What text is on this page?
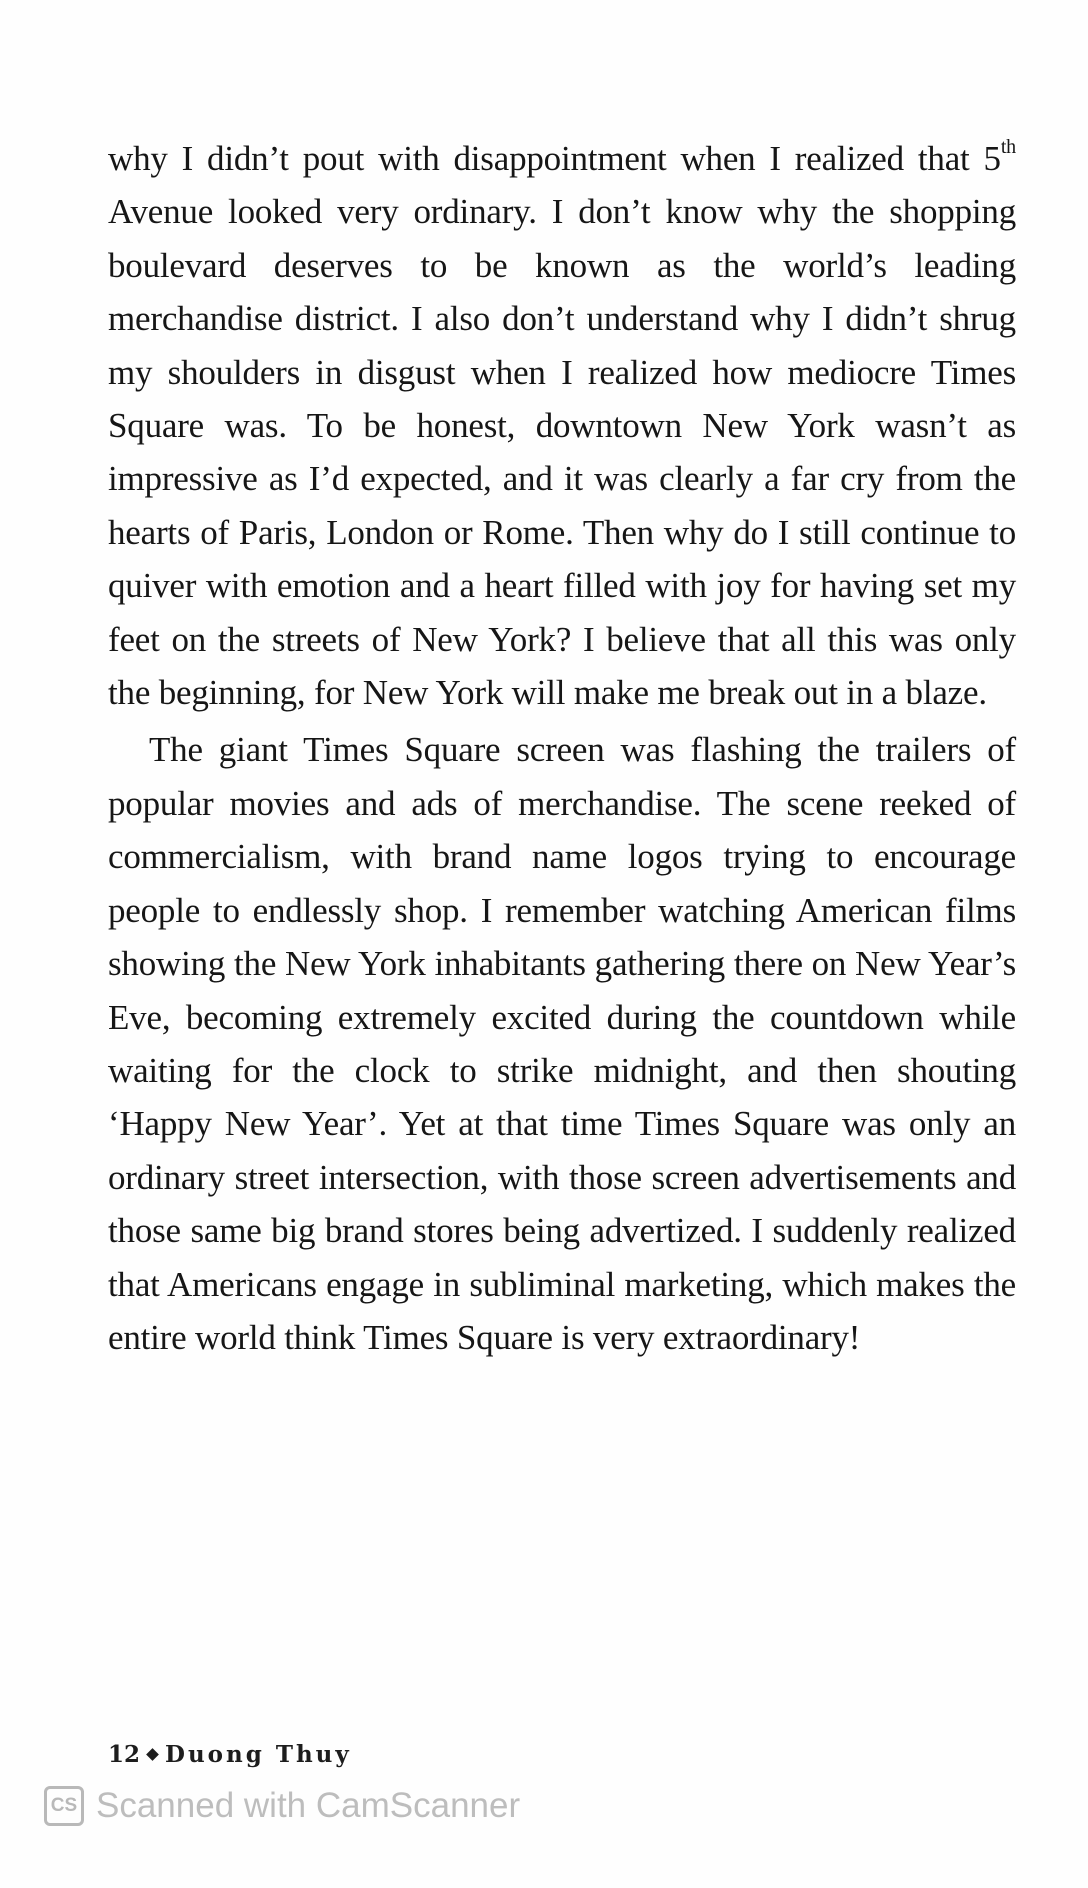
why I didn’t pout with disappointment when I realized that 5th Avenue looked very ordinary. I don’t know why the shopping boulevard deserves to be known as the world’s leading merchandise district. I also don’t understand why I didn’t shrug my shoulders in disgust when I realized how mediocre Times Square was. To be honest, downtown New York wasn’t as impressive as I’d expected, and it was clearly a far cry from the hearts of Paris, London or Rome. Then why do I still continue to quiver with emotion and a heart filled with joy for having set my feet on the streets of New York? I believe that all this was only the beginning, for New York will make me break out in a blaze.

The giant Times Square screen was flashing the trailers of popular movies and ads of merchandise. The scene reeked of commercialism, with brand name logos trying to encourage people to endlessly shop. I remember watching American films showing the New York inhabitants gathering there on New Year’s Eve, becoming extremely excited during the countdown while waiting for the clock to strike midnight, and then shouting ‘Happy New Year’. Yet at that time Times Square was only an ordinary street intersection, with those screen advertisements and those same big brand stores being advertized. I suddenly realized that Americans engage in subliminal marketing, which makes the entire world think Times Square is very extraordinary!

12 Duong Thuy
CS Scanned with CamScanner
